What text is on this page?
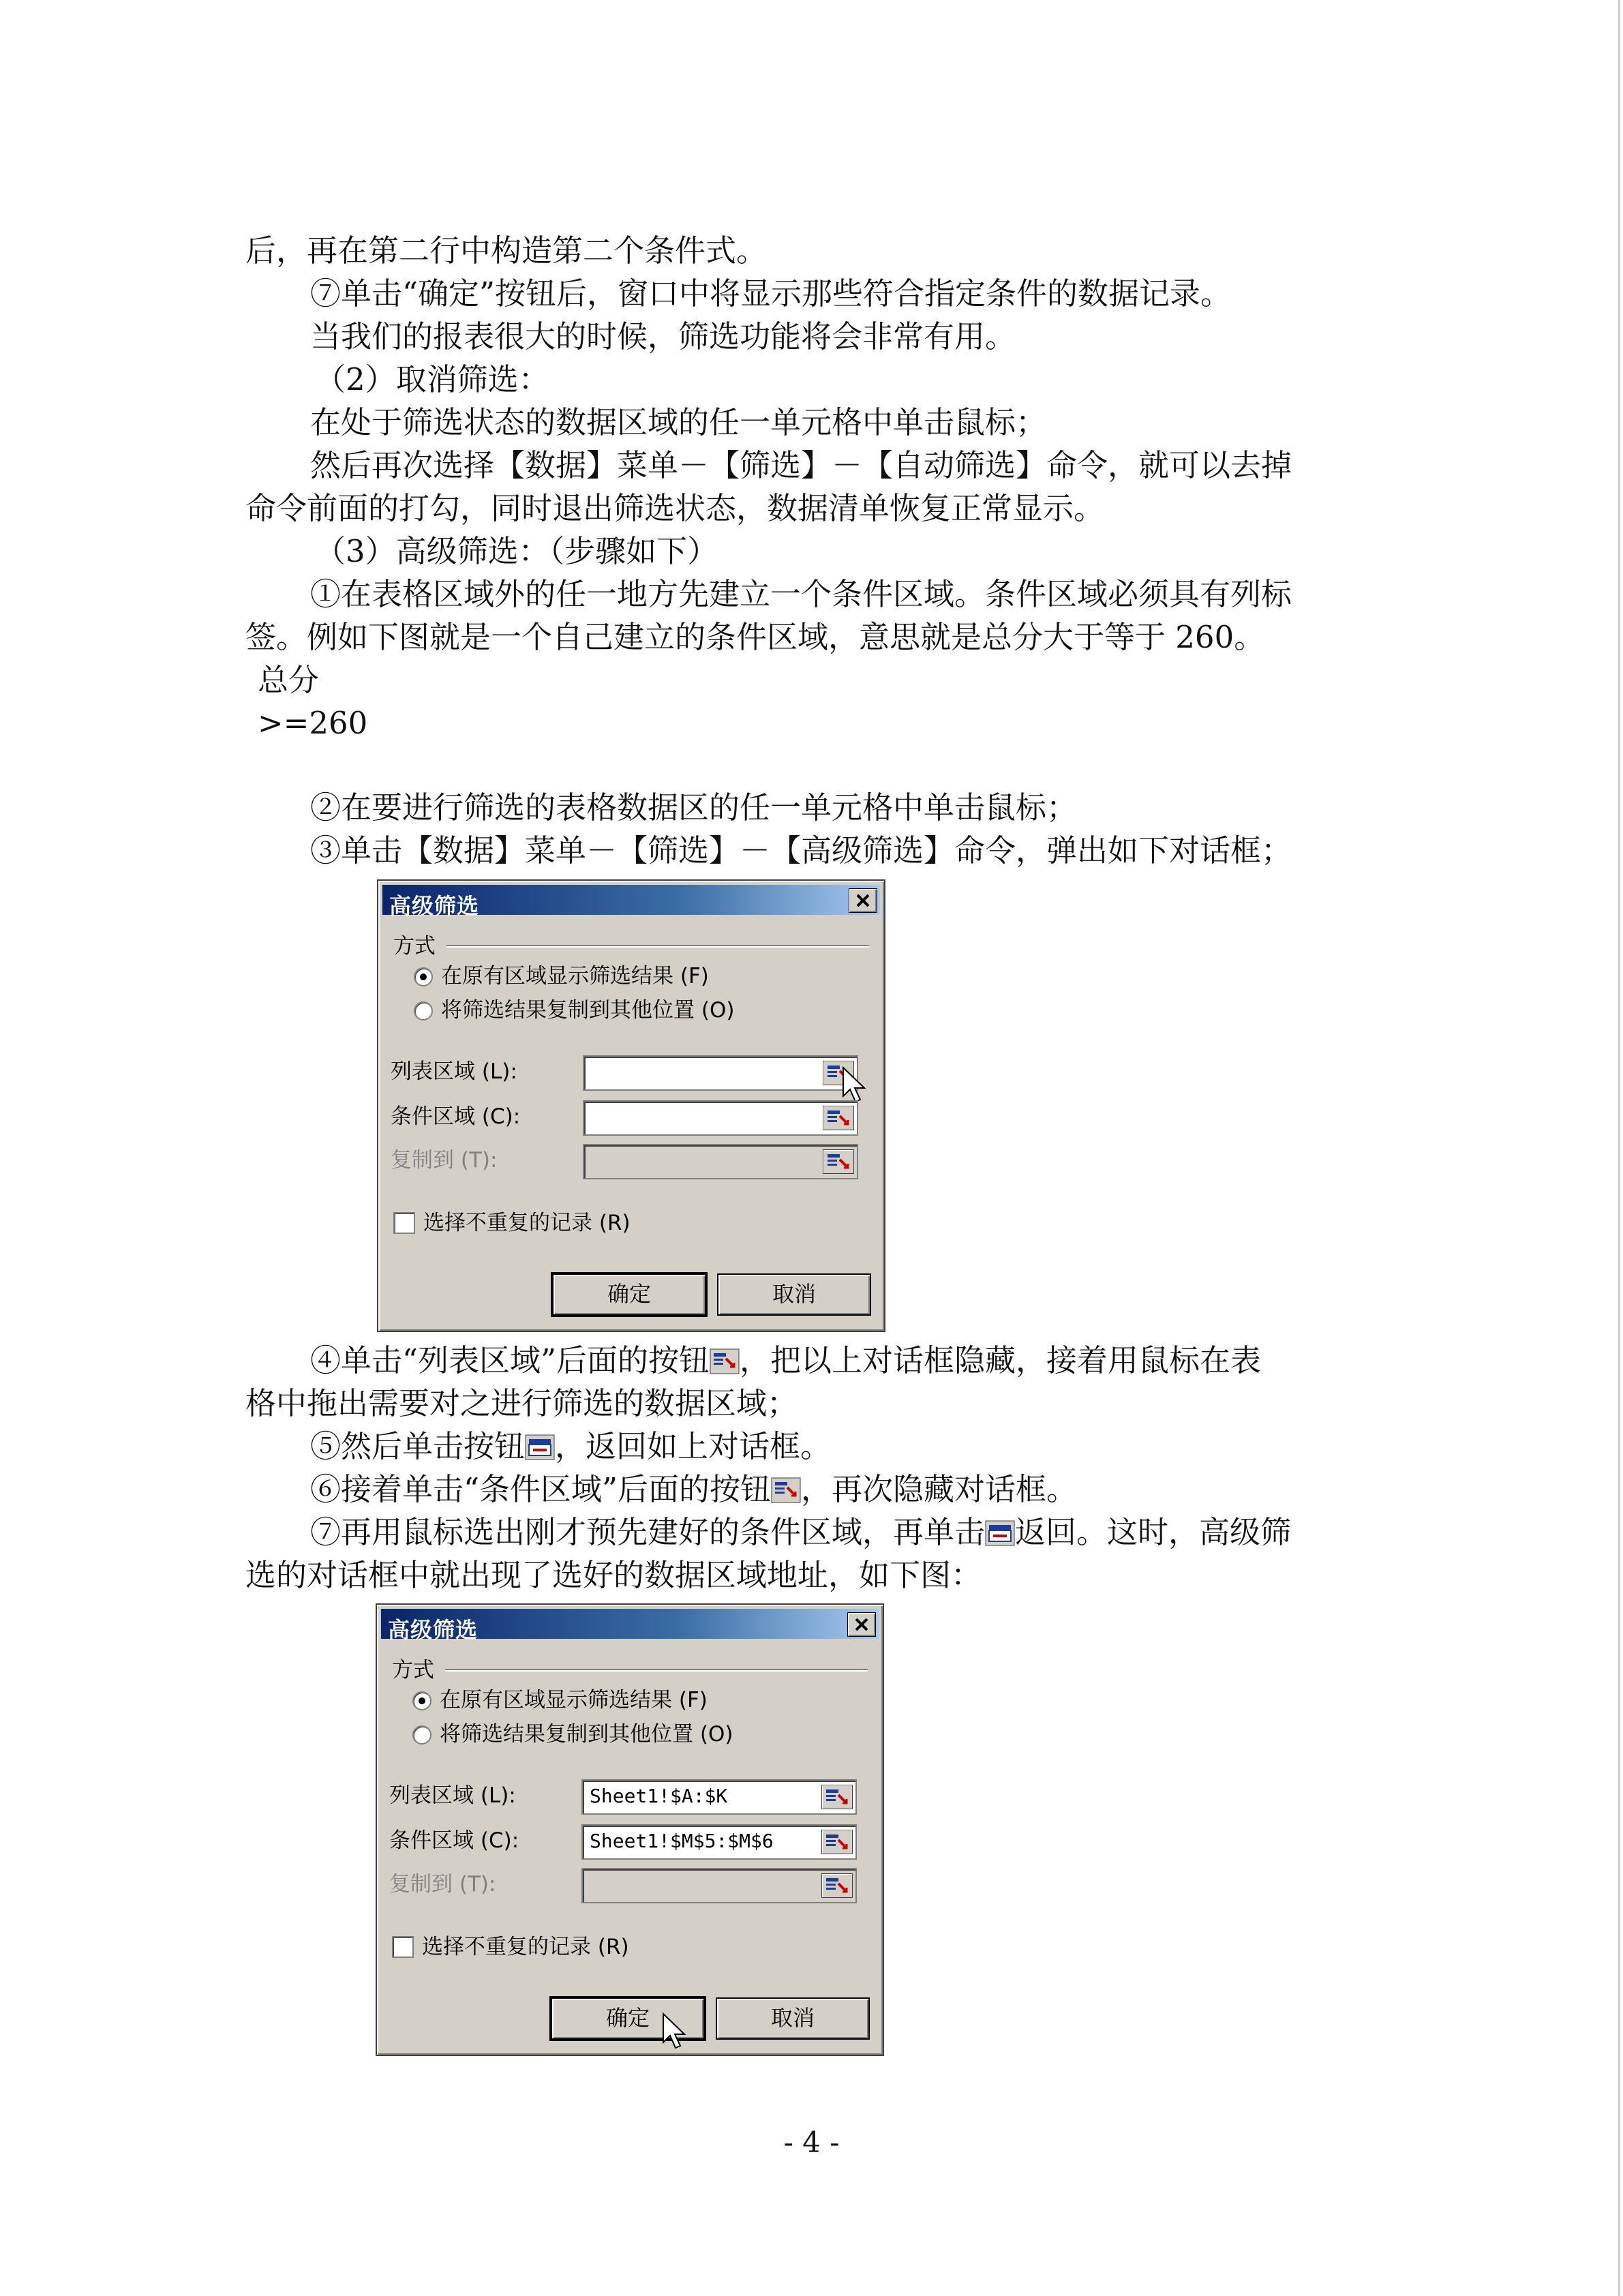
后，再在第二行中构造第二个条件式。
⑦单击“确定”按钮后，窗口中将显示那些符合指定条件的数据记录。
当我们的报表很大的时候，筛选功能将会非常有用。
（2）取消筛选：
在处于筛选状态的数据区域的任一单元格中单击鼠标；
然后再次选择【数据】菜单－【筛选】－【自动筛选】命令，就可以去掉
命令前面的打勾，同时退出筛选状态，数据清单恢复正常显示。
（3）高级筛选：（步骤如下）
①在表格区域外的任一地方先建立一个条件区域。条件区域必须具有列标
签。例如下图就是一个自己建立的条件区域，意思就是总分大于等于 260。
总分
>=260
②在要进行筛选的表格数据区的任一单元格中单击鼠标；
③单击【数据】菜单－【筛选】－【高级筛选】命令，弹出如下对话框；
高级筛选
方式
在原有区域显示筛选结果 (F)
将筛选结果复制到其他位置 (O)
列表区域 (L):
条件区域 (C):
复制到 (T):
选择不重复的记录 (R)
确定	取消
④单击“列表区域”后面的按钮 ，把以上对话框隐藏，接着用鼠标在表
格中拖出需要对之进行筛选的数据区域；
⑤然后单击按钮 ，返回如上对话框。
⑥接着单击“条件区域”后面的按钮 ，再次隐藏对话框。
⑦再用鼠标选出刚才预先建好的条件区域，再单击 返回。这时，高级筛
选的对话框中就出现了选好的数据区域地址，如下图：
高级筛选
方式
在原有区域显示筛选结果 (F)
将筛选结果复制到其他位置 (O)
列表区域 (L):	Sheet1!$A:$K
条件区域 (C):	Sheet1!$M$5:$M$6
复制到 (T):
选择不重复的记录 (R)
确定	取消
- 4 -
